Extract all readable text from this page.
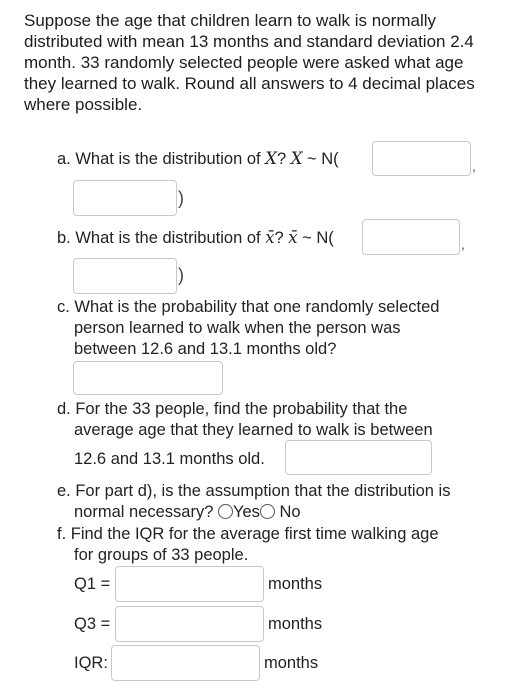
Suppose the age that children learn to walk is normally distributed with mean 13 months and standard deviation 2.4 month. 33 randomly selected people were asked what age they learned to walk. Round all answers to 4 decimal places where possible.
a. What is the distribution of X? X ~ N(	,
)
b. What is the distribution of x̄? x̄ ~ N(	,
)
c. What is the probability that one randomly selected
person learned to walk when the person was
between 12.6 and 13.1 months old?
d. For the 33 people, find the probability that the
average age that they learned to walk is between
12.6 and 13.1 months old.
e. For part d), is the assumption that the distribution is
normal necessary? Yes No
f. Find the IQR for the average first time walking age
for groups of 33 people.
Q1 =	months
Q3 =	months
IQR:	months
